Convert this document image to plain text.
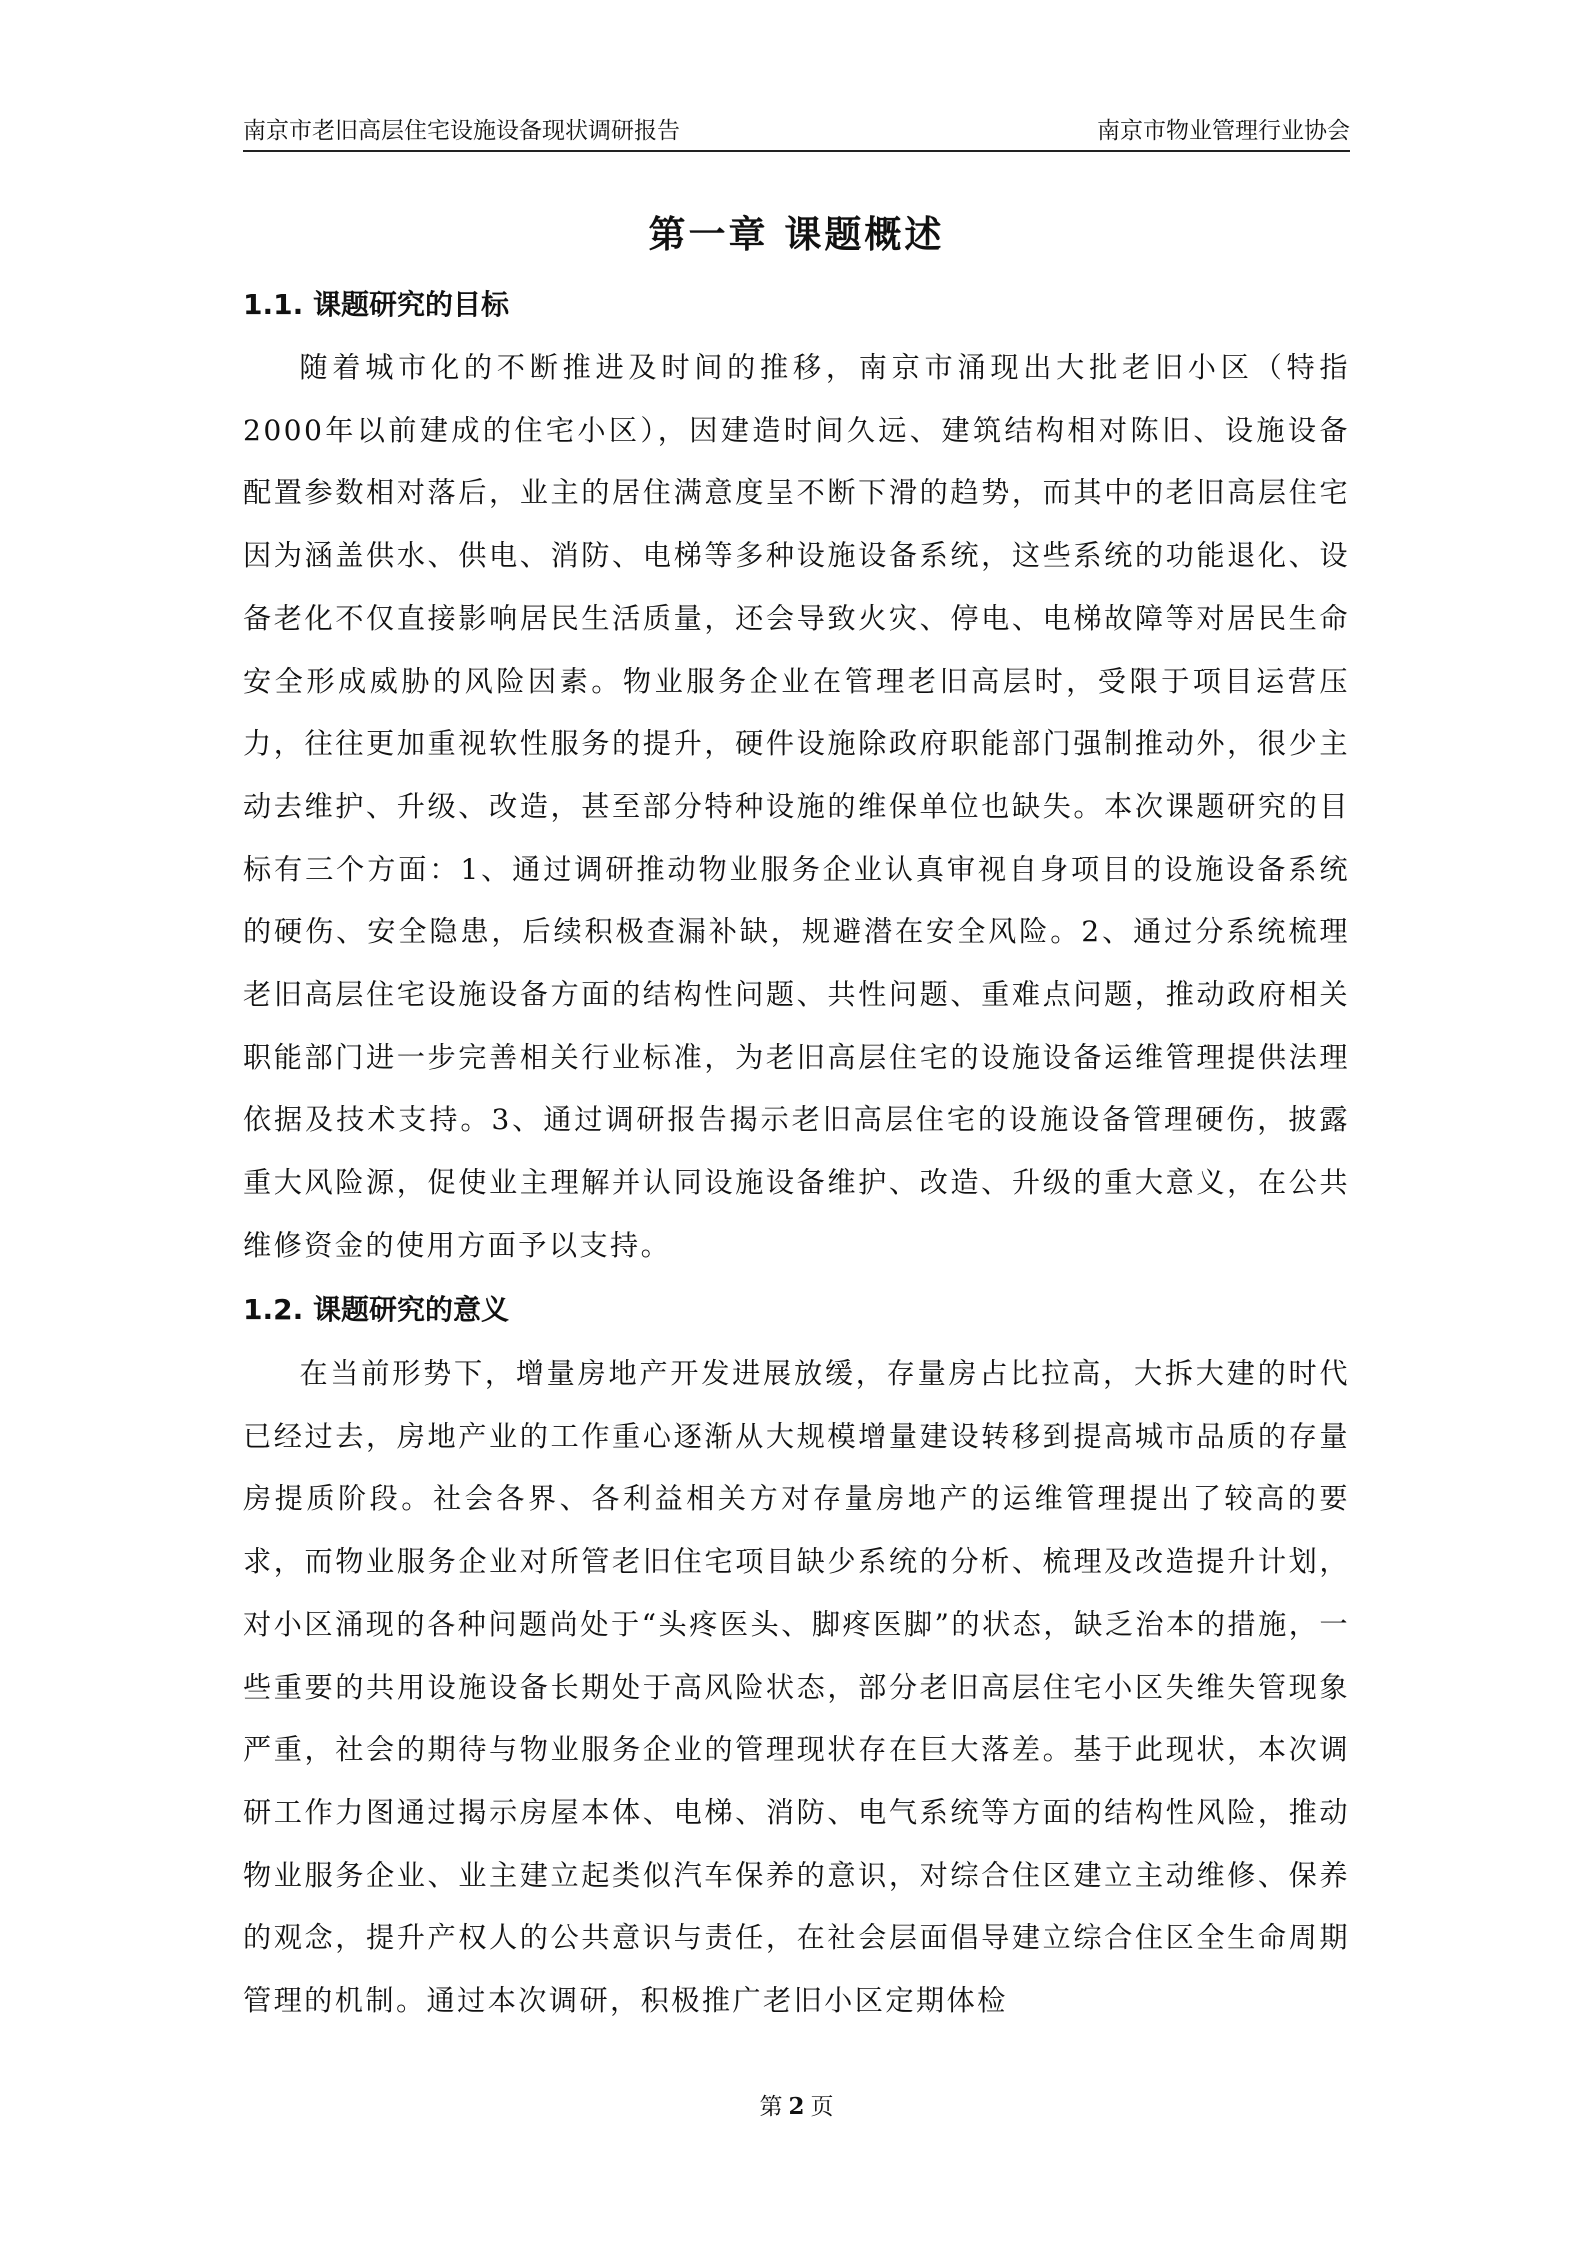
南京市老旧高层住宅设施设备现状调研报告	南京市物业管理行业协会
第一章 课题概述
1.1. 课题研究的目标

随着城市化的不断推进及时间的推移，南京市涌现出大批老旧小区（特指2000年以前建成的住宅小区），因建造时间久远、建筑结构相对陈旧、设施设备配置参数相对落后，业主的居住满意度呈不断下滑的趋势，而其中的老旧高层住宅因为涵盖供水、供电、消防、电梯等多种设施设备系统，这些系统的功能退化、设备老化不仅直接影响居民生活质量，还会导致火灾、停电、电梯故障等对居民生命安全形成威胁的风险因素。物业服务企业在管理老旧高层时，受限于项目运营压力，往往更加重视软性服务的提升，硬件设施除政府职能部门强制推动外，很少主动去维护、升级、改造，甚至部分特种设施的维保单位也缺失。本次课题研究的目标有三个方面：1、通过调研推动物业服务企业认真审视自身项目的设施设备系统的硬伤、安全隐患，后续积极查漏补缺，规避潜在安全风险。2、通过分系统梳理老旧高层住宅设施设备方面的结构性问题、共性问题、重难点问题，推动政府相关职能部门进一步完善相关行业标准，为老旧高层住宅的设施设备运维管理提供法理依据及技术支持。3、通过调研报告揭示老旧高层住宅的设施设备管理硬伤，披露重大风险源，促使业主理解并认同设施设备维护、改造、升级的重大意义，在公共维修资金的使用方面予以支持。

1.2. 课题研究的意义

在当前形势下，增量房地产开发进展放缓，存量房占比拉高，大拆大建的时代已经过去，房地产业的工作重心逐渐从大规模增量建设转移到提高城市品质的存量房提质阶段。社会各界、各利益相关方对存量房地产的运维管理提出了较高的要求，而物业服务企业对所管老旧住宅项目缺少系统的分析、梳理及改造提升计划，对小区涌现的各种问题尚处于“头疼医头、脚疼医脚”的状态，缺乏治本的措施，一些重要的共用设施设备长期处于高风险状态，部分老旧高层住宅小区失维失管现象严重，社会的期待与物业服务企业的管理现状存在巨大落差。基于此现状，本次调研工作力图通过揭示房屋本体、电梯、消防、电气系统等方面的结构性风险，推动物业服务企业、业主建立起类似汽车保养的意识，对综合住区建立主动维修、保养的观念，提升产权人的公共意识与责任，在社会层面倡导建立综合住区全生命周期管理的机制。通过本次调研，积极推广老旧小区定期体检

第 2 页
